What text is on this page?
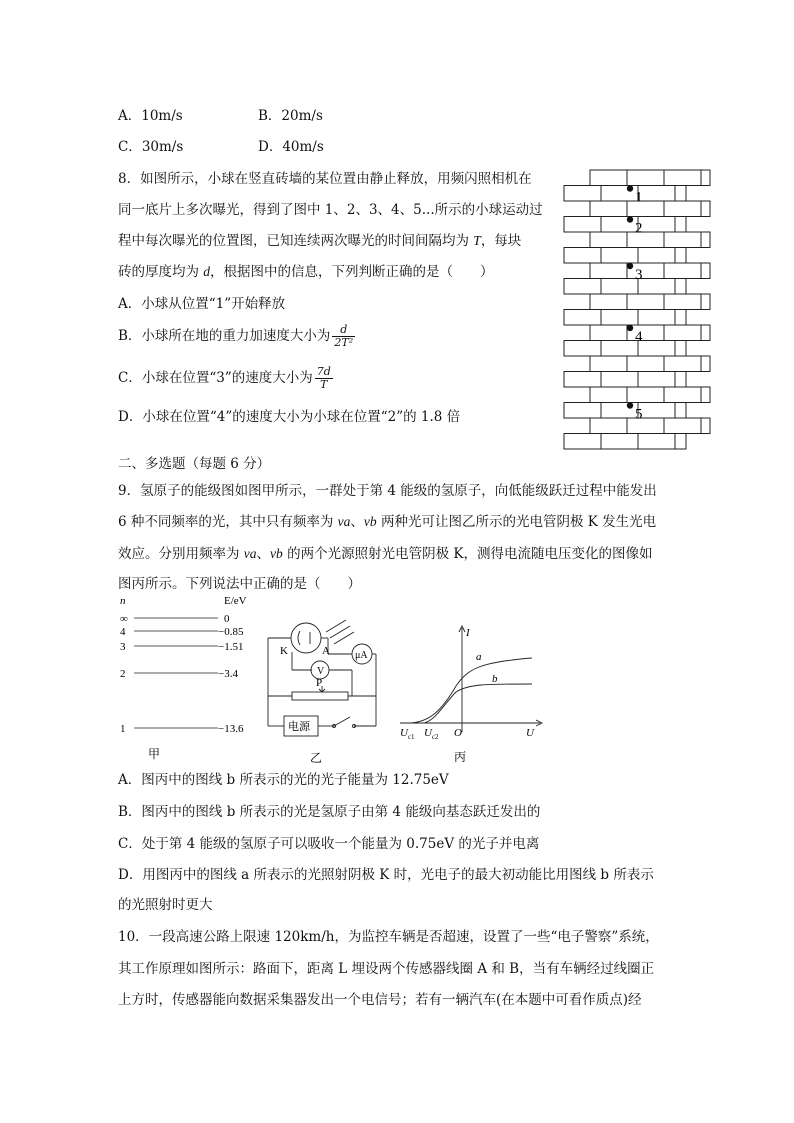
A．10m/s	B．20m/s
C．30m/s	D．40m/s
8．如图所示，小球在竖直砖墙的某位置由静止释放，用频闪照相机在
同一底片上多次曝光，得到了图中 1、2、3、4、5...所示的小球运动过
程中每次曝光的位置图，已知连续两次曝光的时间间隔均为 T，每块
砖的厚度均为 d，根据图中的信息，下列判断正确的是（　　）
A．小球从位置“1”开始释放
B．小球所在地的重力加速度大小为 $\frac{d}{\text{2T²}}$
C．小球在位置“3”的速度大小为 $\frac{7d}{T}$
D．小球在位置“4”的速度大小为小球在位置“2”的 1.8 倍
1
2
3
4
5
二、多选题（每题 6 分）
9．氢原子的能级图如图甲所示，一群处于第 4 能级的氢原子，向低能级跃迁过程中能发出
6 种不同频率的光，其中只有频率为 νa、νb 两种光可让图乙所示的光电管阴极 K 发生光电
效应。分别用频率为 νa、νb 的两个光源照射光电管阴极 K，测得电流随电压变化的图像如
图丙所示。下列说法中正确的是（　　）
n	E/eV
∞	0
4	−0.85
3	−1.51
2	−3.4
1	−13.6
甲
K	A
V
μA
P
电源
乙
I
U
O
$U_{c1}$ $U_{c2}$
a
b
丙
A．图丙中的图线 b 所表示的光的光子能量为 12.75eV
B．图丙中的图线 b 所表示的光是氢原子由第 4 能级向基态跃迁发出的
C．处于第 4 能级的氢原子可以吸收一个能量为 0.75eV 的光子并电离
D．用图丙中的图线 a 所表示的光照射阴极 K 时，光电子的最大初动能比用图线 b 所表示
的光照射时更大
10．一段高速公路上限速 120km/h，为监控车辆是否超速，设置了一些“电子警察”系统，
其工作原理如图所示：路面下，距离 L 埋设两个传感器线圈 A 和 B，当有车辆经过线圈正
上方时，传感器能向数据采集器发出一个电信号；若有一辆汽车(在本题中可看作质点)经
